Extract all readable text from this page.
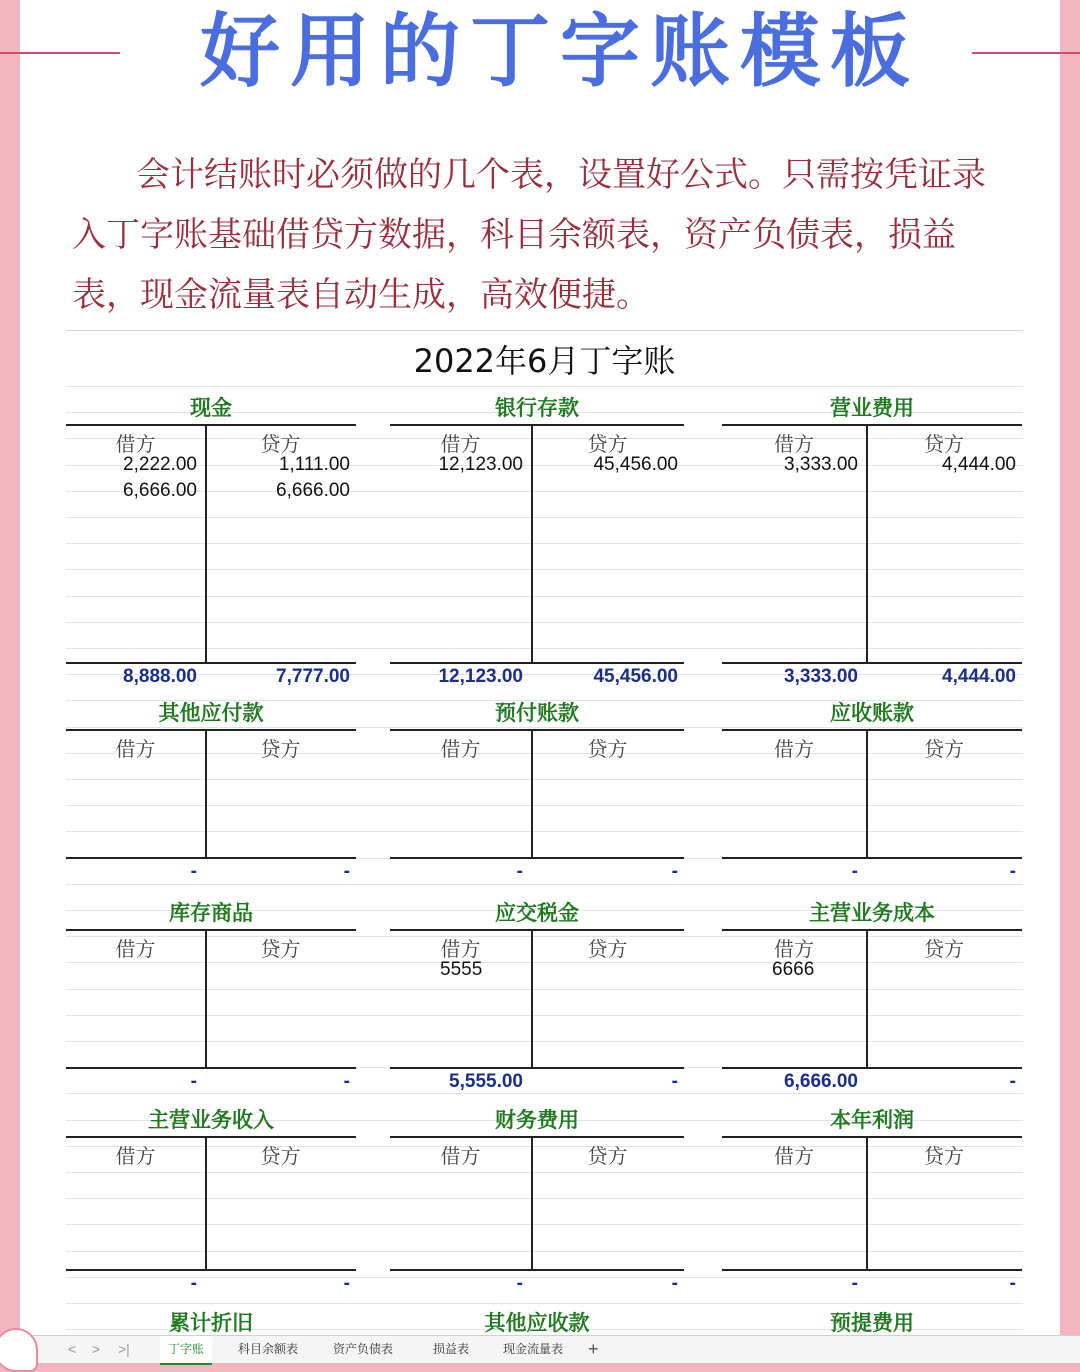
好用的丁字账模板
会计结账时必须做的几个表，设置好公式。只需按凭证录入丁字账基础借贷方数据，科目余额表，资产负债表，损益表，现金流量表自动生成，高效便捷。
2022年6月丁字账
现金
借方	贷方
2,222.00	1,111.00
6,666.00	6,666.00
8,888.00	7,777.00
银行存款
借方	贷方
12,123.00	45,456.00
12,123.00	45,456.00
营业费用
借方	贷方
3,333.00	4,444.00
3,333.00	4,444.00
其他应付款
借方	贷方
-	-
预付账款
借方	贷方
-	-
应收账款
借方	贷方
-	-
库存商品
借方	贷方
-	-
应交税金
借方	贷方
5555
5,555.00	-
主营业务成本
借方	贷方
6666
6,666.00	-
主营业务收入
借方	贷方
-	-
财务费用
借方	贷方
-	-
本年利润
借方	贷方
-	-
累计折旧	其他应收款	预提费用
< > >|	丁字账	科目余额表	资产负债表	损益表	现金流量表	+
